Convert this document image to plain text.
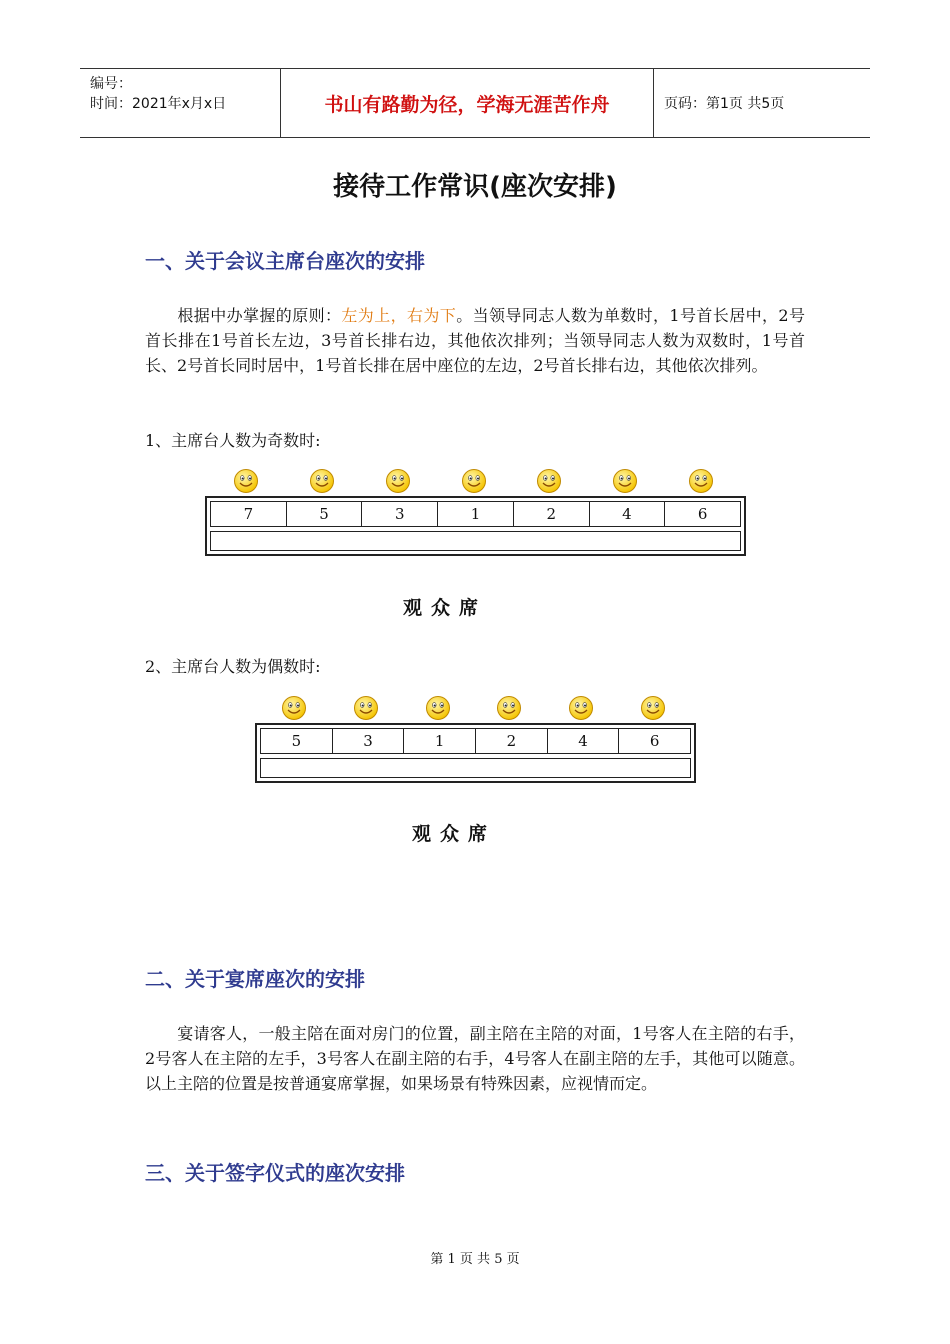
编号：
时间：2021年x月x日	书山有路勤为径，学海无涯苦作舟	页码：第1页 共5页
接待工作常识(座次安排)
一、关于会议主席台座次的安排
根据中办掌握的原则：左为上，右为下。当领导同志人数为单数时，1号首长居中，2号首长排在1号首长左边，3号首长排右边，其他依次排列；当领导同志人数为双数时，1号首长、2号首长同时居中，1号首长排在居中座位的左边，2号首长排右边，其他依次排列。
1、主席台人数为奇数时:
7	5	3	1	2	4	6
观众席
2、主席台人数为偶数时:
5	3	1	2	4	6
观众席
二、关于宴席座次的安排
宴请客人，一般主陪在面对房门的位置，副主陪在主陪的对面，1号客人在主陪的右手，2号客人在主陪的左手，3号客人在副主陪的右手，4号客人在副主陪的左手，其他可以随意。以上主陪的位置是按普通宴席掌握，如果场景有特殊因素，应视情而定。
三、关于签字仪式的座次安排
第 1 页 共 5 页
